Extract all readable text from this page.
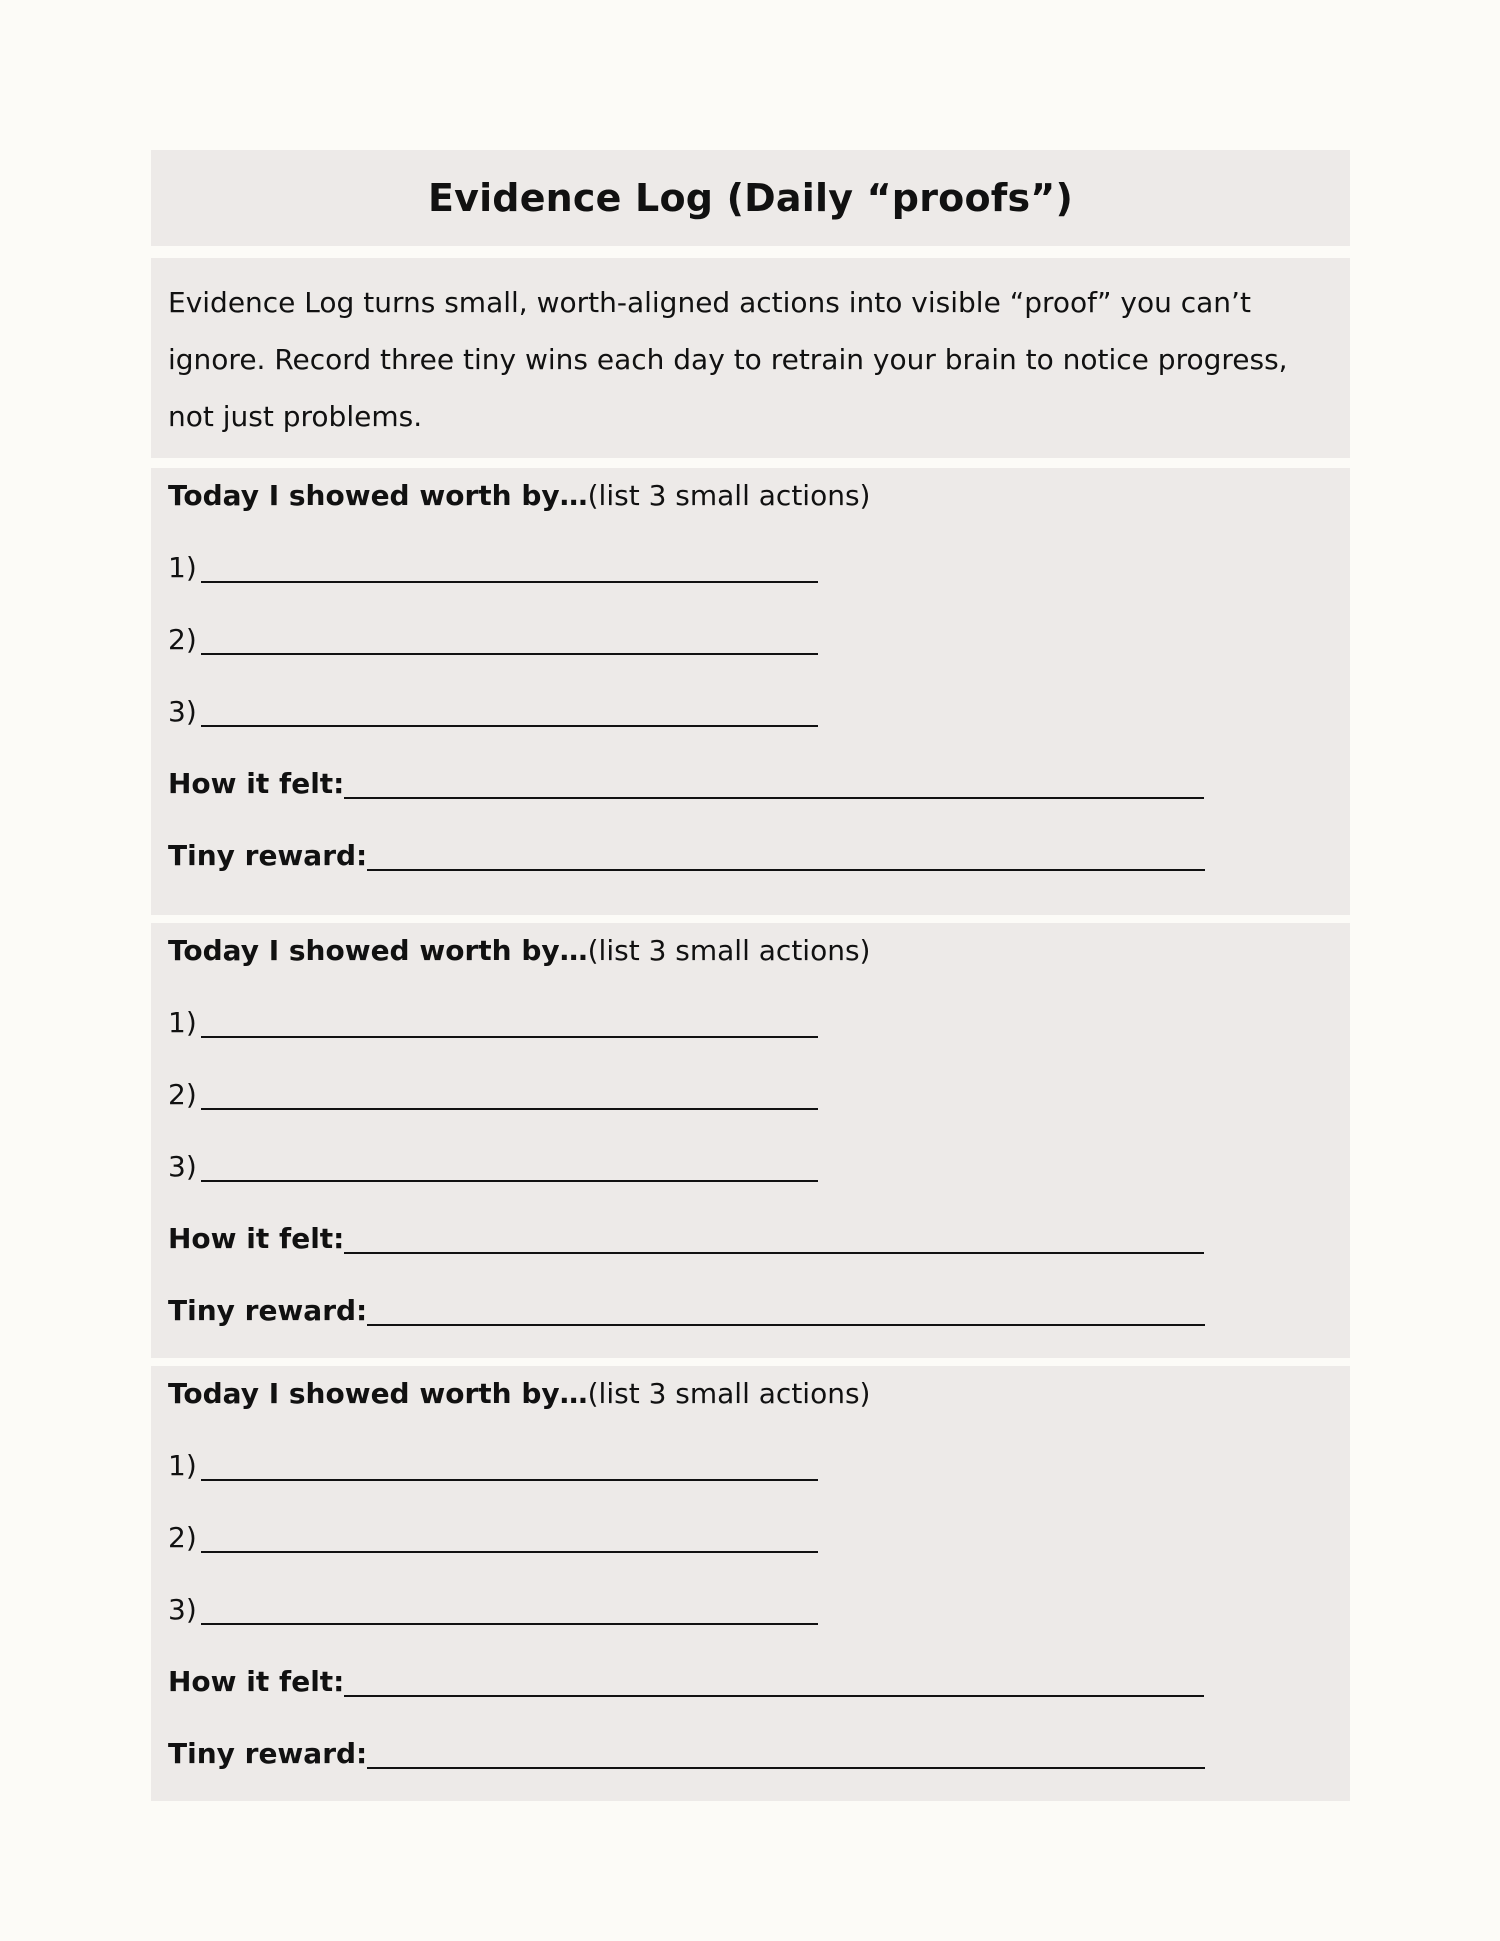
Evidence Log (Daily “proofs”)
Evidence Log turns small, worth-aligned actions into visible “proof” you can’t ignore. Record three tiny wins each day to retrain your brain to notice progress, not just problems.
Today I showed worth by…(list 3 small actions)
1)
2)
3)
How it felt:
Tiny reward:
Today I showed worth by…(list 3 small actions)
1)
2)
3)
How it felt:
Tiny reward:
Today I showed worth by…(list 3 small actions)
1)
2)
3)
How it felt:
Tiny reward:
